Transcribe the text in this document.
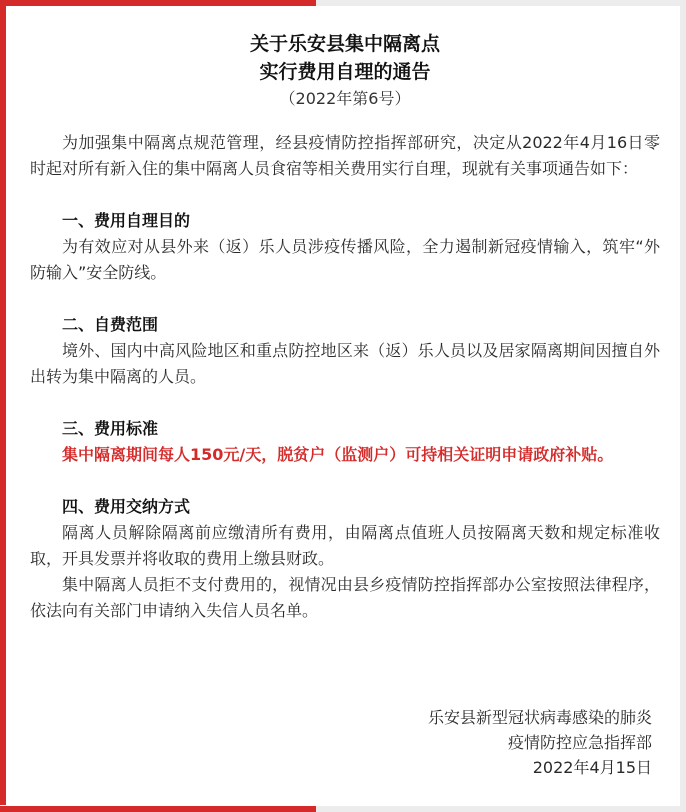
关于乐安县集中隔离点
实行费用自理的通告
（2022年第6号）

为加强集中隔离点规范管理，经县疫情防控指挥部研究，决定从2022年4月16日零时起对所有新入住的集中隔离人员食宿等相关费用实行自理，现就有关事项通告如下：

一、费用自理目的

为有效应对从县外来（返）乐人员涉疫传播风险，全力遏制新冠疫情输入，筑牢“外防输入”安全防线。

二、自费范围

境外、国内中高风险地区和重点防控地区来（返）乐人员以及居家隔离期间因擅自外出转为集中隔离的人员。

三、费用标准

集中隔离期间每人150元/天，脱贫户（监测户）可持相关证明申请政府补贴。

四、费用交纳方式

隔离人员解除隔离前应缴清所有费用，由隔离点值班人员按隔离天数和规定标准收取，开具发票并将收取的费用上缴县财政。

集中隔离人员拒不支付费用的，视情况由县乡疫情防控指挥部办公室按照法律程序，依法向有关部门申请纳入失信人员名单。

乐安县新型冠状病毒感染的肺炎
疫情防控应急指挥部
2022年4月15日
